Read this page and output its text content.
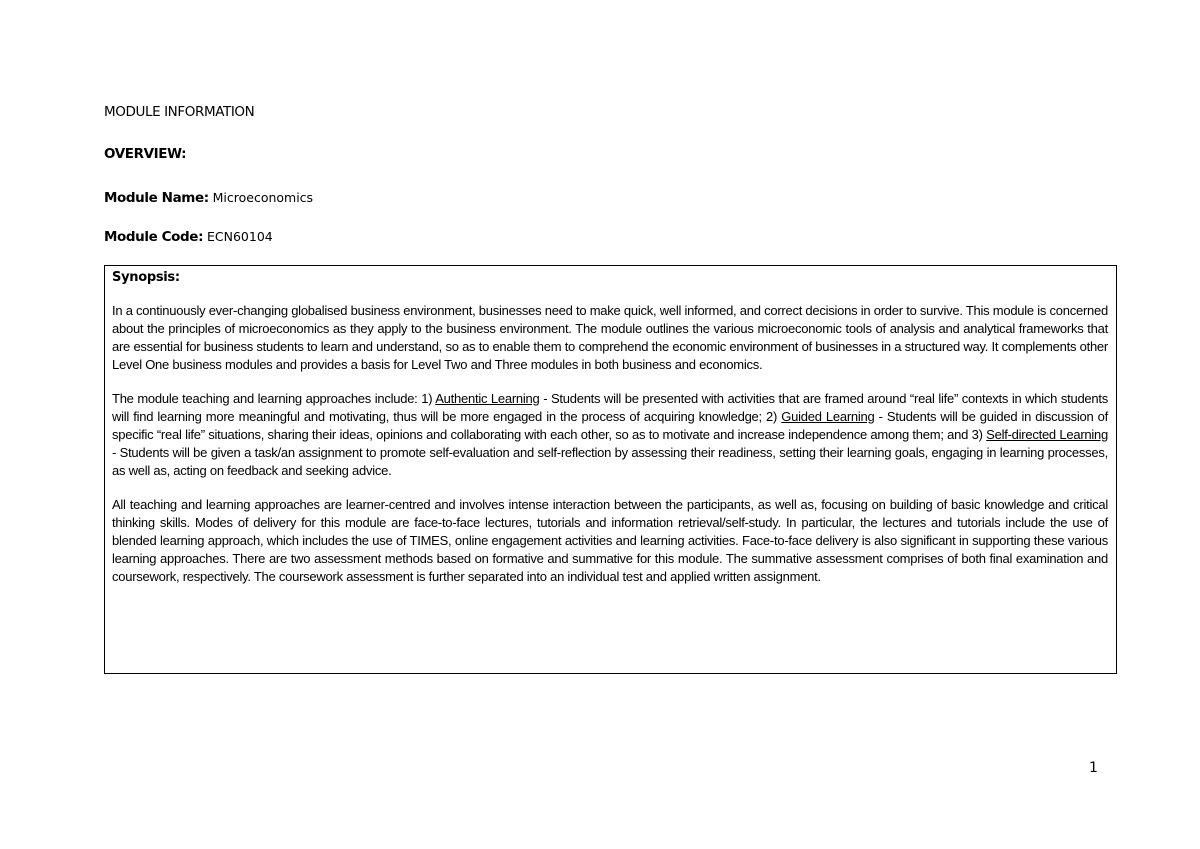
MODULE INFORMATION
OVERVIEW:
Module Name: Microeconomics
Module Code: ECN60104
Synopsis:

In a continuously ever-changing globalised business environment, businesses need to make quick, well informed, and correct decisions in order to survive. This module is concerned about the principles of microeconomics as they apply to the business environment. The module outlines the various microeconomic tools of analysis and analytical frameworks that are essential for business students to learn and understand, so as to enable them to comprehend the economic environment of businesses in a structured way. It complements other Level One business modules and provides a basis for Level Two and Three modules in both business and economics.

The module teaching and learning approaches include: 1) Authentic Learning - Students will be presented with activities that are framed around “real life” contexts in which students will find learning more meaningful and motivating, thus will be more engaged in the process of acquiring knowledge; 2) Guided Learning - Students will be guided in discussion of specific “real life” situations, sharing their ideas, opinions and collaborating with each other, so as to motivate and increase independence among them; and 3) Self-directed Learning - Students will be given a task/an assignment to promote self-evaluation and self-reflection by assessing their readiness, setting their learning goals, engaging in learning processes, as well as, acting on feedback and seeking advice.

All teaching and learning approaches are learner-centred and involves intense interaction between the participants, as well as, focusing on building of basic knowledge and critical thinking skills. Modes of delivery for this module are face-to-face lectures, tutorials and information retrieval/self-study. In particular, the lectures and tutorials include the use of blended learning approach, which includes the use of TIMES, online engagement activities and learning activities. Face-to-face delivery is also significant in supporting these various learning approaches. There are two assessment methods based on formative and summative for this module. The summative assessment comprises of both final examination and coursework, respectively. The coursework assessment is further separated into an individual test and applied written assignment.

1
